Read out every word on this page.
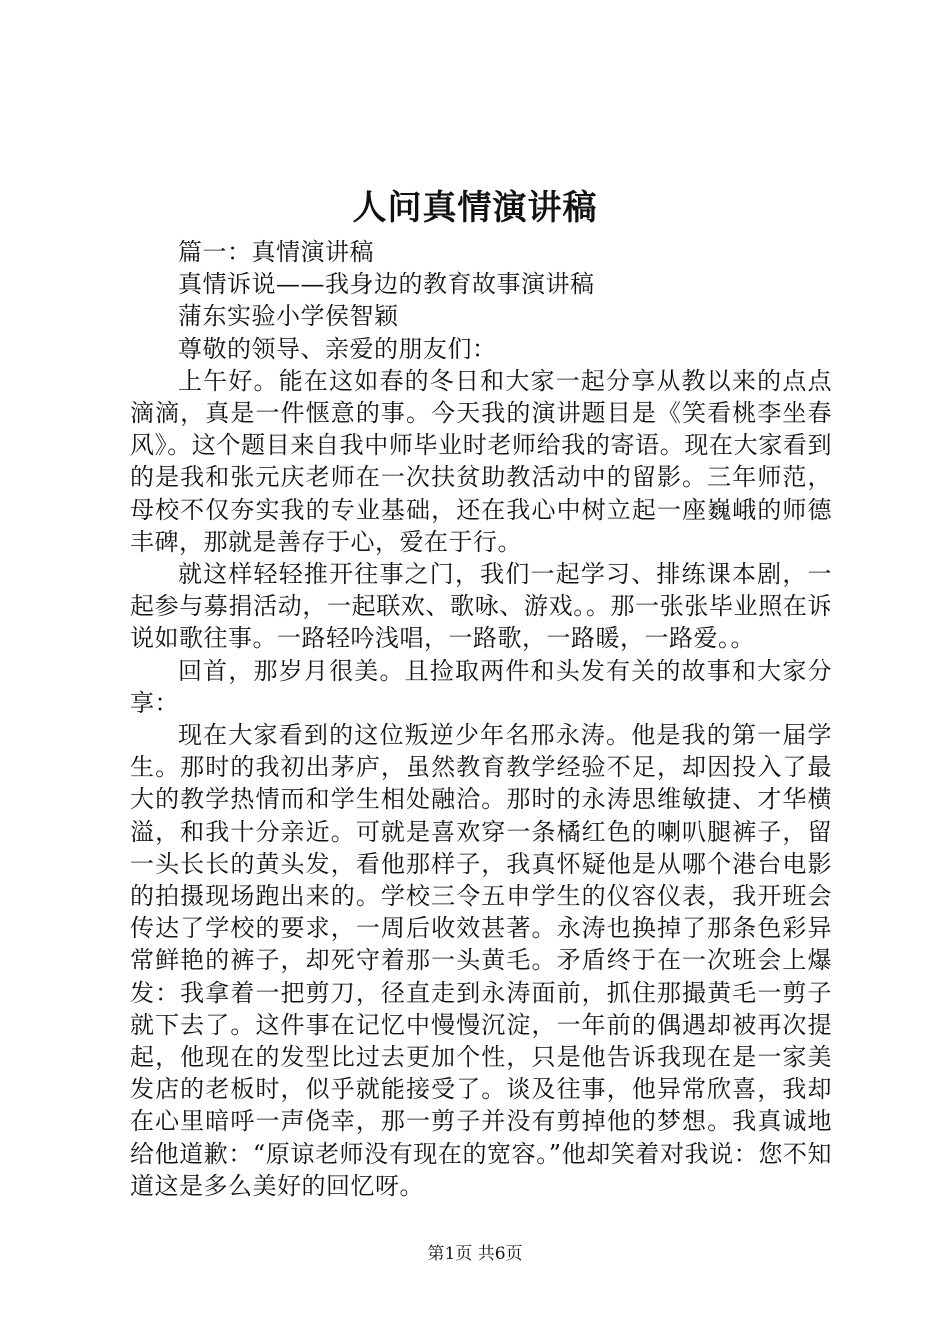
人问真情演讲稿

篇一：真情演讲稿

真情诉说——我身边的教育故事演讲稿

蒲东实验小学侯智颖

尊敬的领导、亲爱的朋友们：

上午好。能在这如春的冬日和大家一起分享从教以来的点点滴滴，真是一件惬意的事。今天我的演讲题目是《笑看桃李坐春风》。这个题目来自我中师毕业时老师给我的寄语。现在大家看到的是我和张元庆老师在一次扶贫助教活动中的留影。三年师范，母校不仅夯实我的专业基础，还在我心中树立起一座巍峨的师德丰碑，那就是善存于心，爱在于行。

就这样轻轻推开往事之门，我们一起学习、排练课本剧，一起参与募捐活动，一起联欢、歌咏、游戏。。那一张张毕业照在诉说如歌往事。一路轻吟浅唱，一路歌，一路暖，一路爱。。

回首，那岁月很美。且捡取两件和头发有关的故事和大家分享：

现在大家看到的这位叛逆少年名邢永涛。他是我的第一届学生。那时的我初出茅庐，虽然教育教学经验不足，却因投入了最大的教学热情而和学生相处融洽。那时的永涛思维敏捷、才华横溢，和我十分亲近。可就是喜欢穿一条橘红色的喇叭腿裤子，留一头长长的黄头发，看他那样子，我真怀疑他是从哪个港台电影的拍摄现场跑出来的。学校三令五申学生的仪容仪表，我开班会传达了学校的要求，一周后收效甚著。永涛也换掉了那条色彩异常鲜艳的裤子，却死守着那一头黄毛。矛盾终于在一次班会上爆发：我拿着一把剪刀，径直走到永涛面前，抓住那撮黄毛一剪子就下去了。这件事在记忆中慢慢沉淀，一年前的偶遇却被再次提起，他现在的发型比过去更加个性，只是他告诉我现在是一家美发店的老板时，似乎就能接受了。谈及往事，他异常欣喜，我却在心里暗呼一声侥幸，那一剪子并没有剪掉他的梦想。我真诚地给他道歉：“原谅老师没有现在的宽容。”他却笑着对我说：您不知道这是多么美好的回忆呀。

第1页 共6页
